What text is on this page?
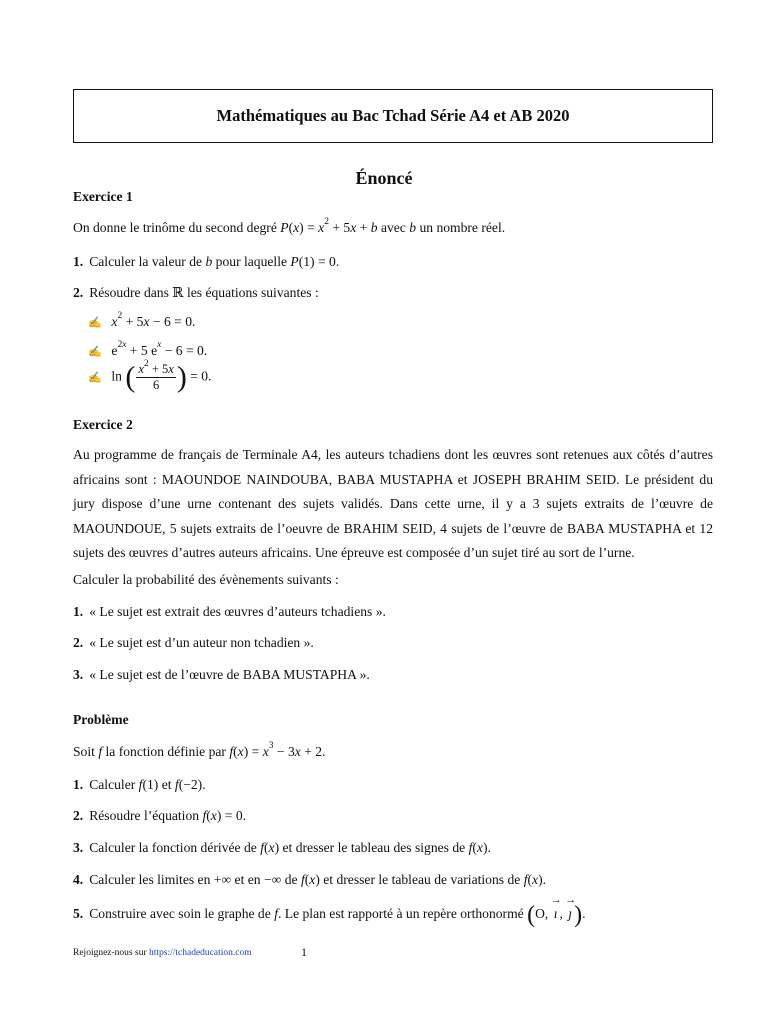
Mathématiques au Bac Tchad Série A4 et AB 2020
Énoncé
Exercice 1
On donne le trinôme du second degré $P(x) = x^2 + 5x + b$ avec b un nombre réel.
1. Calculer la valeur de b pour laquelle P(1) = 0.
2. Résoudre dans ℝ les équations suivantes :
✍ $x^2 + 5x - 6 = 0$.
✍ $e^{2x} + 5$ $e^x - 6 = 0$.
✍ ln ( $\frac{x^2 + 5x}{6}$ ) = 0.
Exercice 2
Au programme de français de Terminale A4, les auteurs tchadiens dont les œuvres sont retenues aux côtés d’autres africains sont : MAOUNDOE NAINDOUBA, BABA MUSTAPHA et JOSEPH BRAHIM SEID. Le président du jury dispose d’une urne contenant des sujets validés. Dans cette urne, il y a 3 sujets extraits de l’œuvre de MAOUNDOUE, 5 sujets extraits de l’oeuvre de BRAHIM SEID, 4 sujets de l’œuvre de BABA MUSTAPHA et 12 sujets des œuvres d’autres auteurs africains. Une épreuve est composée d’un sujet tiré au sort de l’urne.
Calculer la probabilité des évènements suivants :
1. « Le sujet est extrait des œuvres d’auteurs tchadiens ».
2. « Le sujet est d’un auteur non tchadien ».
3. « Le sujet est de l’œuvre de BABA MUSTAPHA ».
Problème
Soit f la fonction définie par $f(x) = x^3 - 3x + 2$.
1. Calculer f(1) et f(−2).
2. Résoudre l’équation f(x) = 0.
3. Calculer la fonction dérivée de f(x) et dresser le tableau des signes de f(x).
4. Calculer les limites en +∞ et en −∞ de f(x) et dresser le tableau de variations de f(x).
5. Construire avec soin le graphe de f. Le plan est rapporté à un repère orthonormé (O, → ı , → ȷ).
Rejoignez-nous sur https://tchadeducation.com	1
